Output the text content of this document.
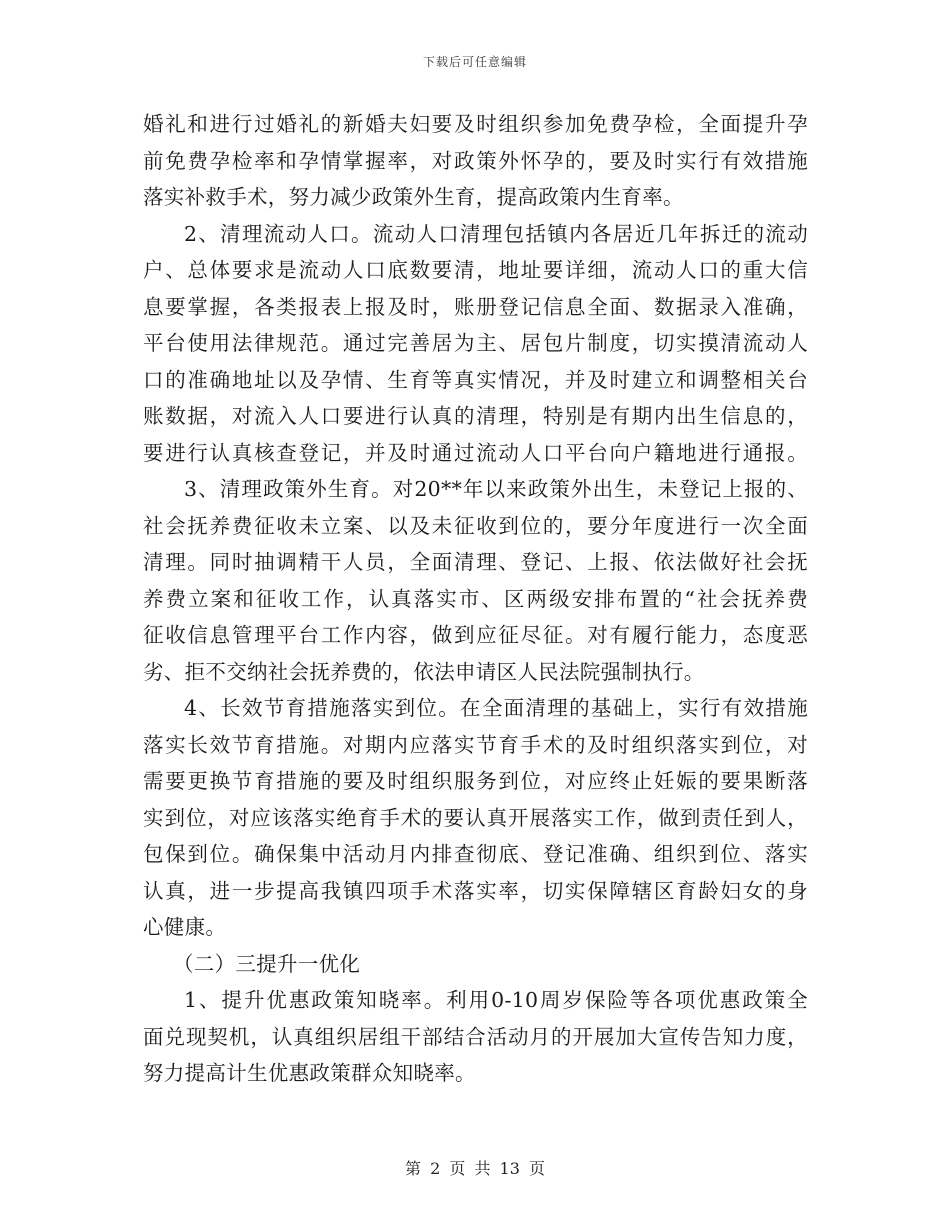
下载后可任意编辑
婚礼和进行过婚礼的新婚夫妇要及时组织参加免费孕检，全面提升孕
前免费孕检率和孕情掌握率，对政策外怀孕的，要及时实行有效措施
落实补救手术，努力减少政策外生育，提高政策内生育率。
2、清理流动人口。流动人口清理包括镇内各居近几年拆迁的流动
户、总体要求是流动人口底数要清，地址要详细，流动人口的重大信
息要掌握，各类报表上报及时，账册登记信息全面、数据录入准确，
平台使用法律规范。通过完善居为主、居包片制度，切实摸清流动人
口的准确地址以及孕情、生育等真实情况，并及时建立和调整相关台
账数据，对流入人口要进行认真的清理，特别是有期内出生信息的，
要进行认真核查登记，并及时通过流动人口平台向户籍地进行通报。
3、清理政策外生育。对20**年以来政策外出生，未登记上报的、
社会抚养费征收未立案、以及未征收到位的，要分年度进行一次全面
清理。同时抽调精干人员，全面清理、登记、上报、依法做好社会抚
养费立案和征收工作，认真落实市、区两级安排布置的“社会抚养费
征收信息管理平台工作内容，做到应征尽征。对有履行能力，态度恶
劣、拒不交纳社会抚养费的，依法申请区人民法院强制执行。
4、长效节育措施落实到位。在全面清理的基础上，实行有效措施
落实长效节育措施。对期内应落实节育手术的及时组织落实到位，对
需要更换节育措施的要及时组织服务到位，对应终止妊娠的要果断落
实到位，对应该落实绝育手术的要认真开展落实工作，做到责任到人，
包保到位。确保集中活动月内排查彻底、登记准确、组织到位、落实
认真，进一步提高我镇四项手术落实率，切实保障辖区育龄妇女的身
心健康。
（二）三提升一优化
1、提升优惠政策知晓率。利用0-10周岁保险等各项优惠政策全
面兑现契机，认真组织居组干部结合活动月的开展加大宣传告知力度，
努力提高计生优惠政策群众知晓率。
第 2 页 共 13 页
